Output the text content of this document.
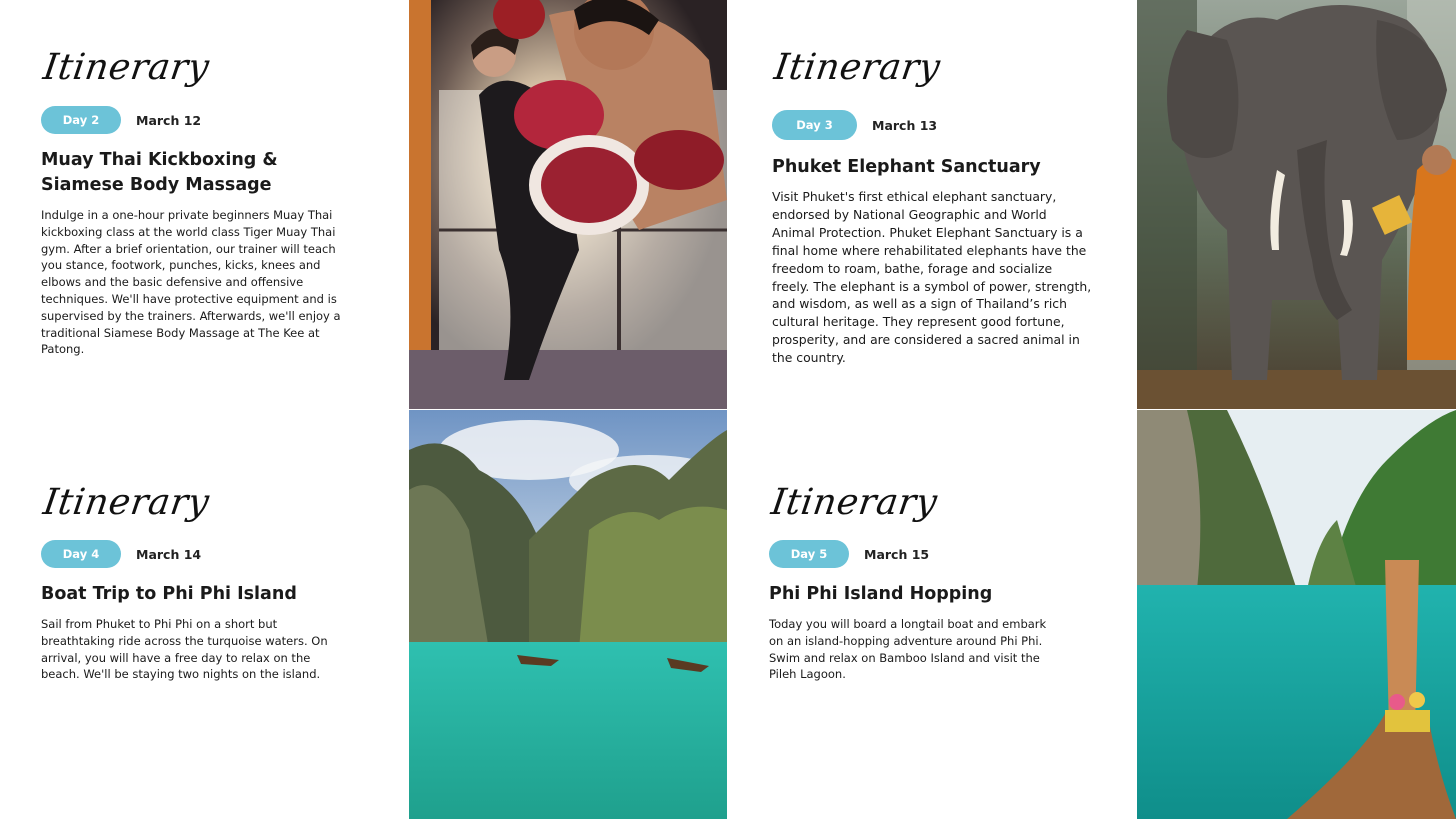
Itinerary
Day 2	March 12
Muay Thai Kickboxing & Siamese Body Massage
Indulge in a one-hour private beginners Muay Thai kickboxing class at the world class Tiger Muay Thai gym. After a brief orientation, our trainer will teach you stance, footwork, punches, kicks, knees and elbows and the basic defensive and offensive techniques. We'll have protective equipment and is supervised by the trainers. Afterwards, we'll enjoy a traditional Siamese Body Massage at The Kee at Patong.
Itinerary
Day 3	March 13
Phuket Elephant Sanctuary
Visit Phuket's first ethical elephant sanctuary, endorsed by National Geographic and World Animal Protection. Phuket Elephant Sanctuary is a final home where rehabilitated elephants have the freedom to roam, bathe, forage and socialize freely. The elephant is a symbol of power, strength, and wisdom, as well as a sign of Thailand’s rich cultural heritage. They represent good fortune, prosperity, and are considered a sacred animal in the country.
Itinerary
Day 4	March 14
Boat Trip to Phi Phi Island
Sail from Phuket to Phi Phi on a short but breathtaking ride across the turquoise waters. On arrival, you will have a free day to relax on the beach. We'll be staying two nights on the island.
Itinerary
Day 5	March 15
Phi Phi Island Hopping
Today you will board a longtail boat and embark on an island-hopping adventure around Phi Phi. Swim and relax on Bamboo Island and visit the Pileh Lagoon.
